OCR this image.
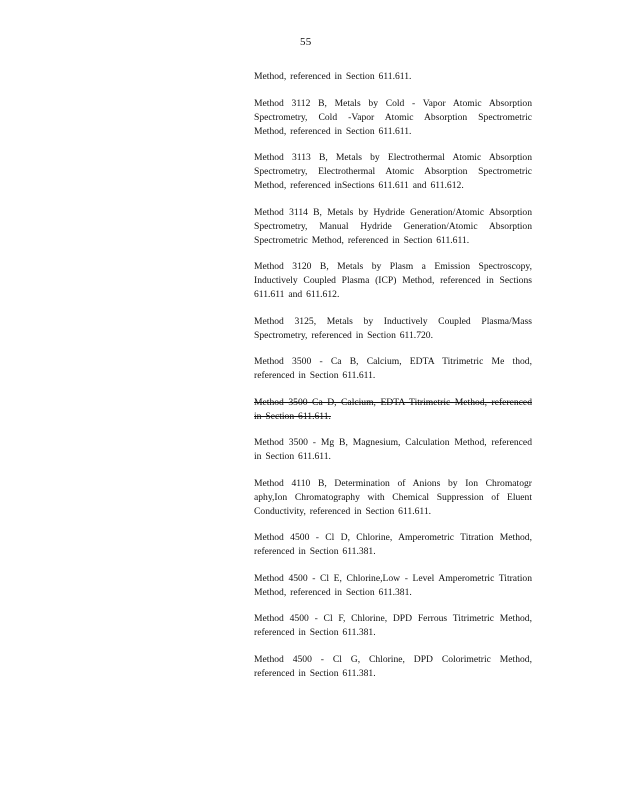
55

Method, referenced in Section 611.611.

Method 3112 B, Metals by Cold - Vapor Atomic Absorption Spectrometry, Cold -Vapor Atomic Absorption Spectrometric Method, referenced in Section 611.611.

Method 3113 B, Metals by Electrothermal Atomic Absorption Spectrometry, Electrothermal Atomic Absorption Spectrometric Method, referenced inSections 611.611 and 611.612.

Method 3114 B, Metals by Hydride Generation/Atomic Absorption Spectrometry, Manual Hydride Generation/Atomic Absorption Spectrometric Method, referenced in Section 611.611.

Method 3120 B, Metals by Plasm a Emission Spectroscopy, Inductively Coupled Plasma (ICP) Method, referenced in Sections 611.611 and 611.612.

Method 3125, Metals by Inductively Coupled Plasma/Mass Spectrometry, referenced in Section 611.720.

Method 3500 - Ca B, Calcium, EDTA Titrimetric Me thod, referenced in Section 611.611.

Method 3500 Ca D, Calcium, EDTA Titrimetric Method, referenced in Section 611.611.

Method 3500 - Mg B, Magnesium, Calculation Method, referenced in Section 611.611.

Method 4110 B, Determination of Anions by Ion Chromatogr aphy,Ion Chromatography with Chemical Suppression of Eluent Conductivity, referenced in Section 611.611.

Method 4500 - Cl D, Chlorine, Amperometric Titration Method, referenced in Section 611.381.

Method 4500 - Cl E, Chlorine,Low - Level Amperometric Titration Method, referenced in Section 611.381.

Method 4500 - Cl F, Chlorine, DPD Ferrous Titrimetric Method, referenced in Section 611.381.

Method 4500 - Cl G, Chlorine, DPD Colorimetric Method, referenced in Section 611.381.
